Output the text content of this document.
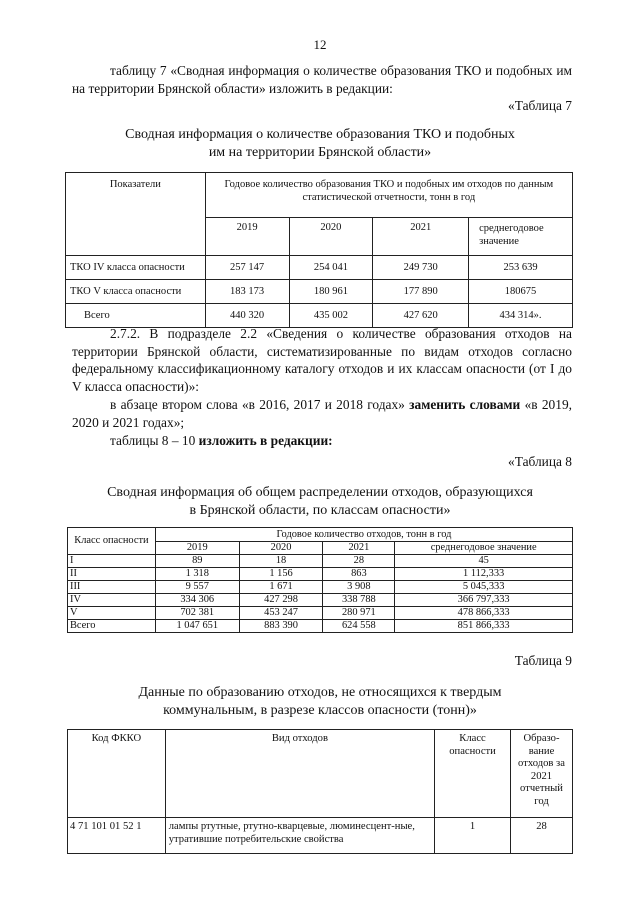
12
таблицу 7 «Сводная информация о количестве образования ТКО и подобных им на территории Брянской области» изложить в редакции:
«Таблица 7
Сводная информация о количестве образования ТКО и подобных
им на территории Брянской области»
Показатели	Годовое количество образования ТКО и подобных им отходов по данным статистической отчетности, тонн в год			
	2019	2020	2021	среднегодовое значение
ТКО IV класса опасности	257 147	254 041	249 730	253 639
ТКО V класса опасности	183 173	180 961	177 890	180675
Всего	440 320	435 002	427 620	434 314».
2.7.2. В подразделе 2.2 «Сведения о количестве образования отходов на территории Брянской области, систематизированные по видам отходов согласно федеральному классификационному каталогу отходов и их классам опасности (от I до V класса опасности)»:
в абзаце втором слова «в 2016, 2017 и 2018 годах» заменить словами «в 2019, 2020 и 2021 годах»;
таблицы 8 – 10 изложить в редакции:
«Таблица 8
Сводная информация об общем распределении отходов, образующихся
в Брянской области, по классам опасности»
Класс опасности	Годовое количество отходов, тонн в год			
	2019	2020	2021	среднегодовое значение
I	89	18	28	45
II	1 318	1 156	863	1 112,333
III	9 557	1 671	3 908	5 045,333
IV	334 306	427 298	338 788	366 797,333
V	702 381	453 247	280 971	478 866,333
Всего	1 047 651	883 390	624 558	851 866,333
Таблица 9
Данные по образованию отходов, не относящихся к твердым
коммунальным, в разрезе классов опасности (тонн)»
Код ФККО	Вид отходов	Класс опасности	Образо-вание отходов за 2021 отчетный год
4 71 101 01 52 1	лампы ртутные, ртутно-кварцевые, люминесцент-ные, утратившие потребительские свойства	1	28
